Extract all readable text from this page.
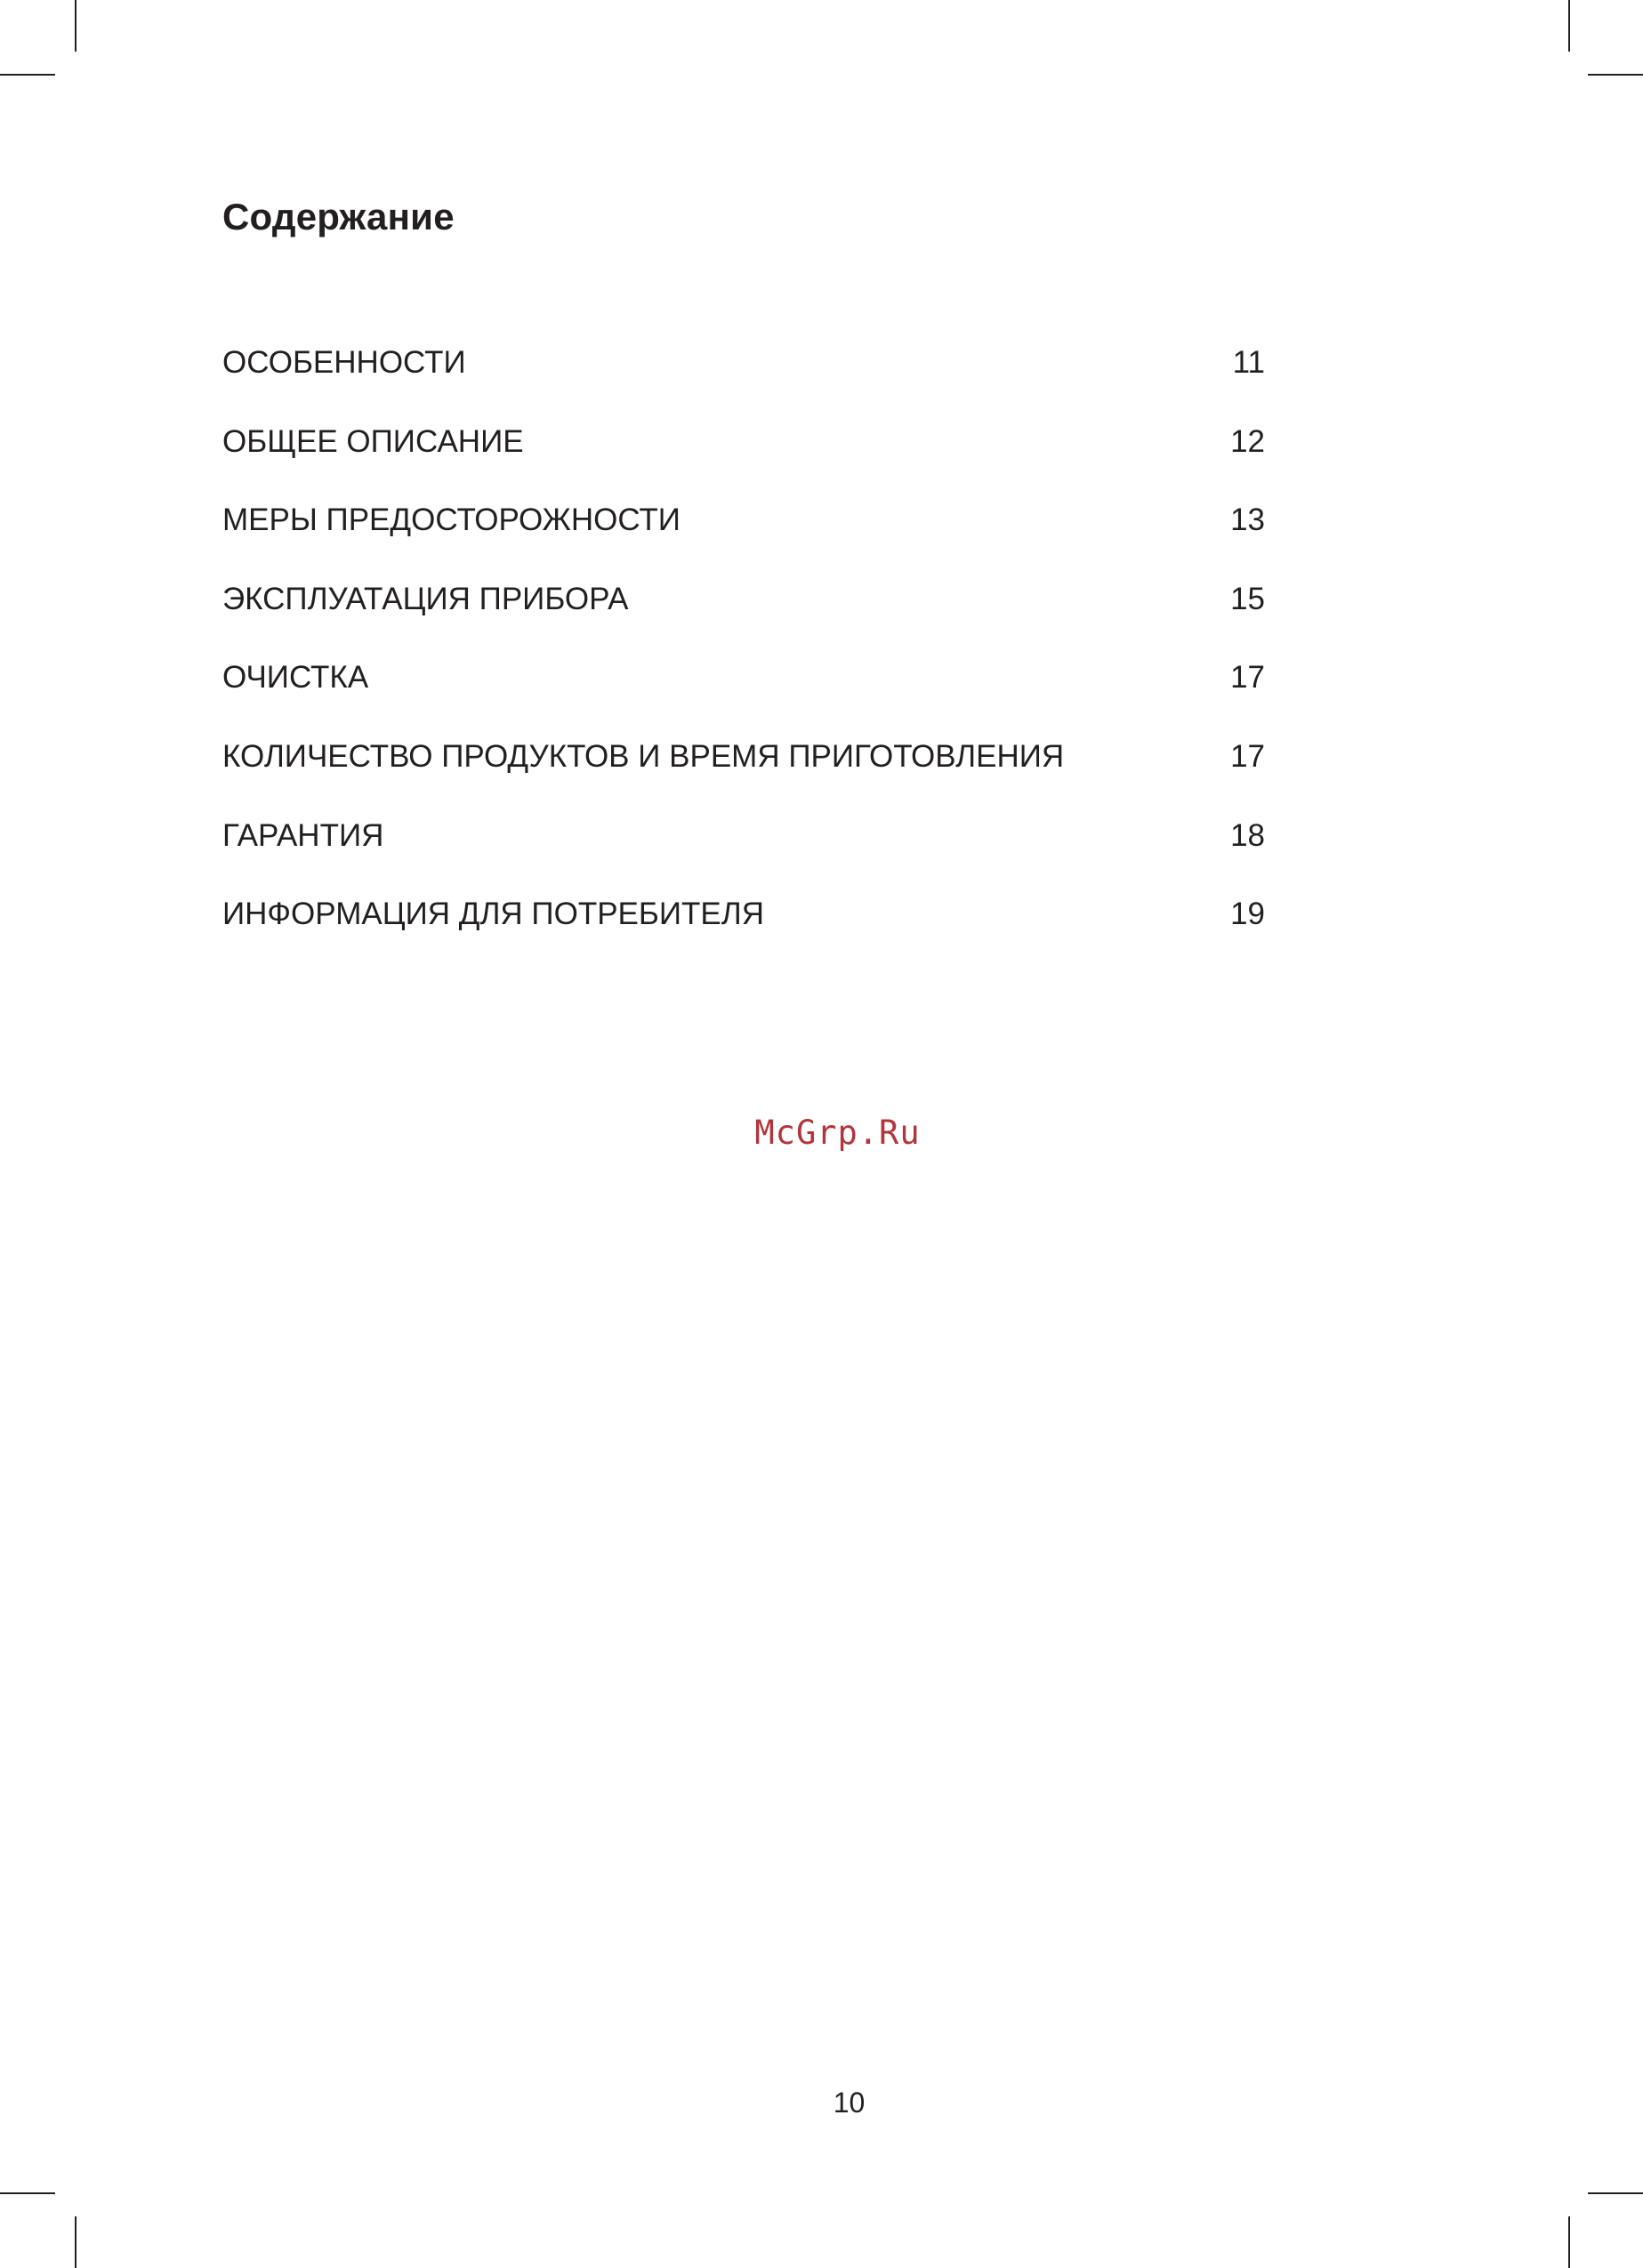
Содержание
ОСОБЕННОСТИ	11
ОБЩЕЕ ОПИСАНИЕ	12
МЕРЫ ПРЕДОСТОРОЖНОСТИ	13
ЭКСПЛУАТАЦИЯ ПРИБОРА	15
ОЧИСТКА	17
КОЛИЧЕСТВО ПРОДУКТОВ И ВРЕМЯ ПРИГОТОВЛЕНИЯ	17
ГАРАНТИЯ	18
ИНФОРМАЦИЯ ДЛЯ ПОТРЕБИТЕЛЯ	19
McGrp.Ru
10
